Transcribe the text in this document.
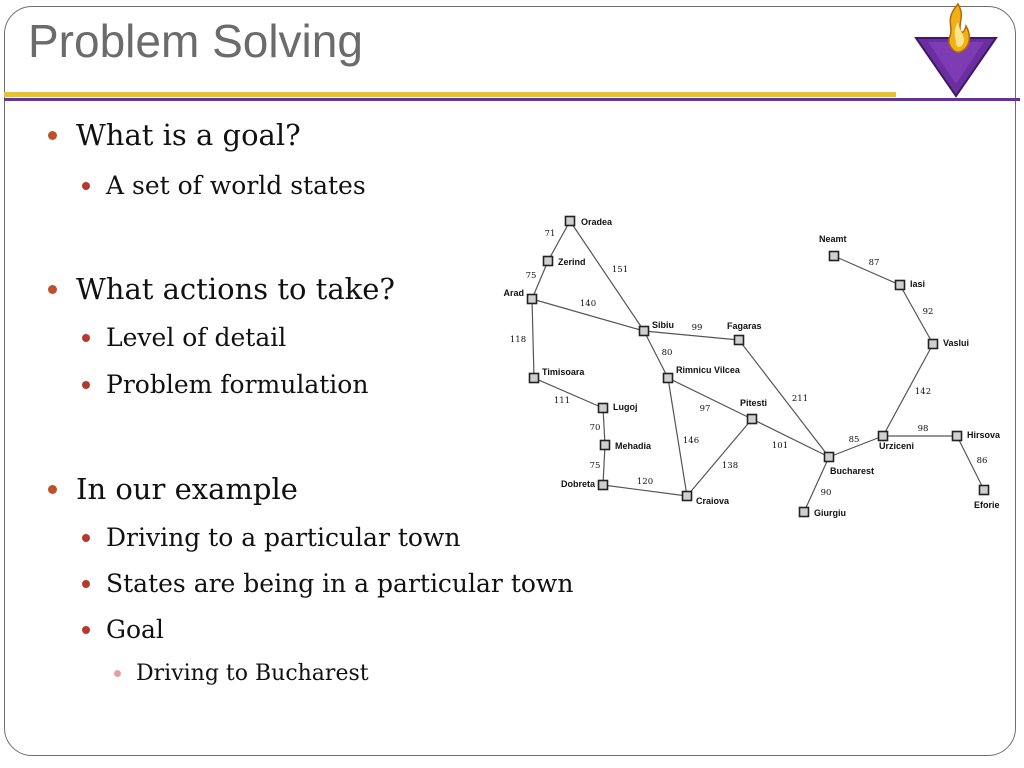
Problem Solving
What is a goal?
A set of world states
What actions to take?
Level of detail
Problem formulation
In our example
Driving to a particular town
States are being in a particular town
Goal
Driving to Bucharest
71
75
151
140
118
111
70
75
120
99
80
97
146
138
211
101
90
85
98
86
142
92
87
Oradea
Zerind
Arad
Sibiu	Fagaras
Timisoara	Rimnicu Vilcea
Lugoj	Pitesti
Mehadia
Dobreta
Craiova
Bucharest
Giurgiu
Urziceni
Hirsova
Eforie
Vaslui
Iasi
Neamt
